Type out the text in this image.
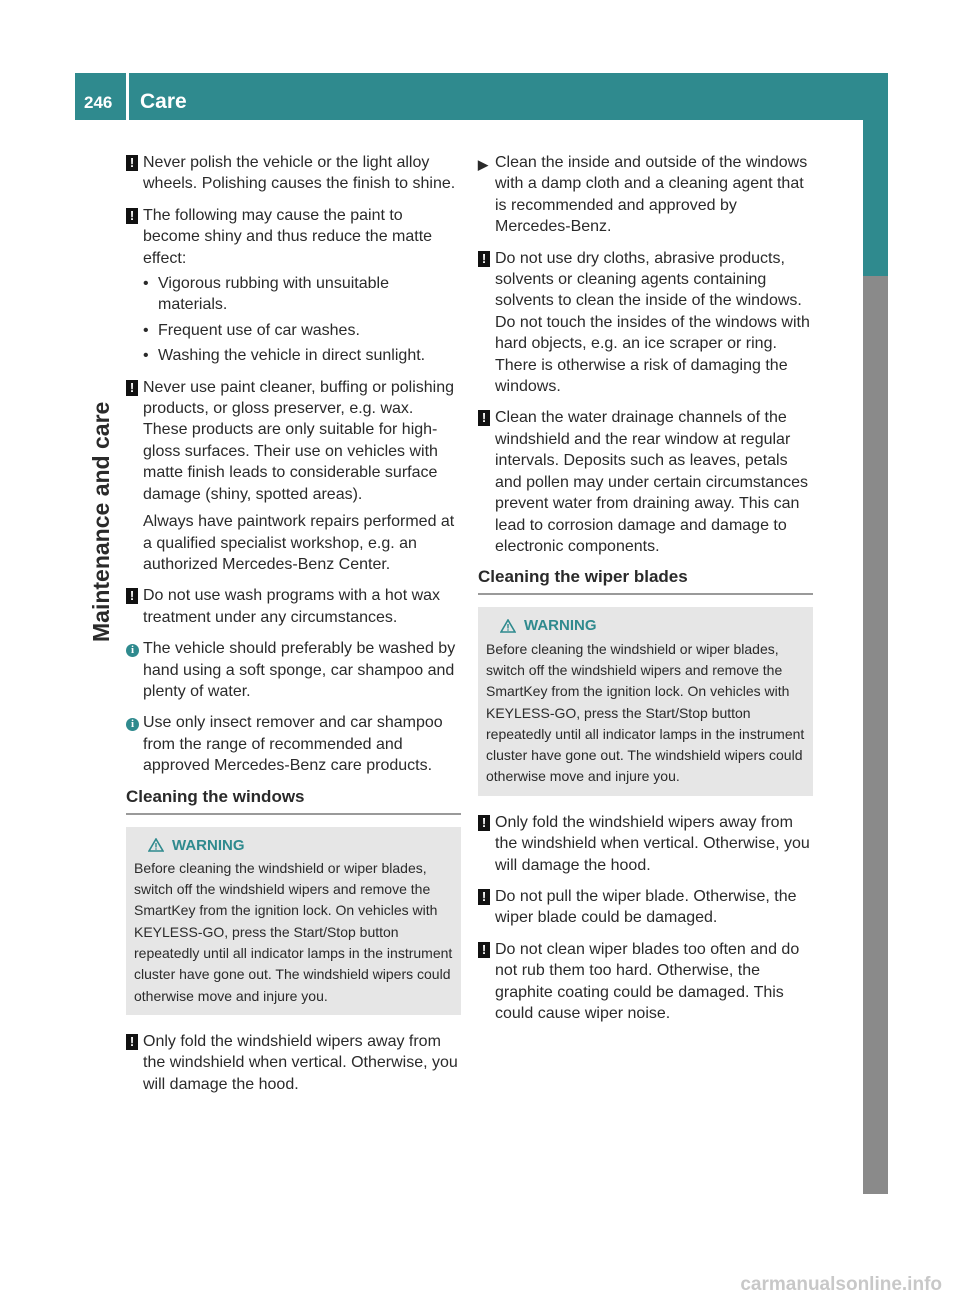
246 Care
Maintenance and care
! Never polish the vehicle or the light alloy wheels. Polishing causes the finish to shine.
! The following may cause the paint to become shiny and thus reduce the matte effect:
• Vigorous rubbing with unsuitable materials.
• Frequent use of car washes.
• Washing the vehicle in direct sunlight.
! Never use paint cleaner, buffing or polishing products, or gloss preserver, e.g. wax. These products are only suitable for high-gloss surfaces. Their use on vehicles with matte finish leads to considerable surface damage (shiny, spotted areas).
Always have paintwork repairs performed at a qualified specialist workshop, e.g. an authorized Mercedes-Benz Center.
! Do not use wash programs with a hot wax treatment under any circumstances.
i The vehicle should preferably be washed by hand using a soft sponge, car shampoo and plenty of water.
i Use only insect remover and car shampoo from the range of recommended and approved Mercedes-Benz care products.
Cleaning the windows
WARNING
Before cleaning the windshield or wiper blades, switch off the windshield wipers and remove the SmartKey from the ignition lock. On vehicles with KEYLESS-GO, press the Start/Stop button repeatedly until all indicator lamps in the instrument cluster have gone out. The windshield wipers could otherwise move and injure you.
! Only fold the windshield wipers away from the windshield when vertical. Otherwise, you will damage the hood.
▶ Clean the inside and outside of the windows with a damp cloth and a cleaning agent that is recommended and approved by Mercedes-Benz.
! Do not use dry cloths, abrasive products, solvents or cleaning agents containing solvents to clean the inside of the windows. Do not touch the insides of the windows with hard objects, e.g. an ice scraper or ring. There is otherwise a risk of damaging the windows.
! Clean the water drainage channels of the windshield and the rear window at regular intervals. Deposits such as leaves, petals and pollen may under certain circumstances prevent water from draining away. This can lead to corrosion damage and damage to electronic components.
Cleaning the wiper blades
WARNING
Before cleaning the windshield or wiper blades, switch off the windshield wipers and remove the SmartKey from the ignition lock. On vehicles with KEYLESS-GO, press the Start/Stop button repeatedly until all indicator lamps in the instrument cluster have gone out. The windshield wipers could otherwise move and injure you.
! Only fold the windshield wipers away from the windshield when vertical. Otherwise, you will damage the hood.
! Do not pull the wiper blade. Otherwise, the wiper blade could be damaged.
! Do not clean wiper blades too often and do not rub them too hard. Otherwise, the graphite coating could be damaged. This could cause wiper noise.
carmanualsonline.info
